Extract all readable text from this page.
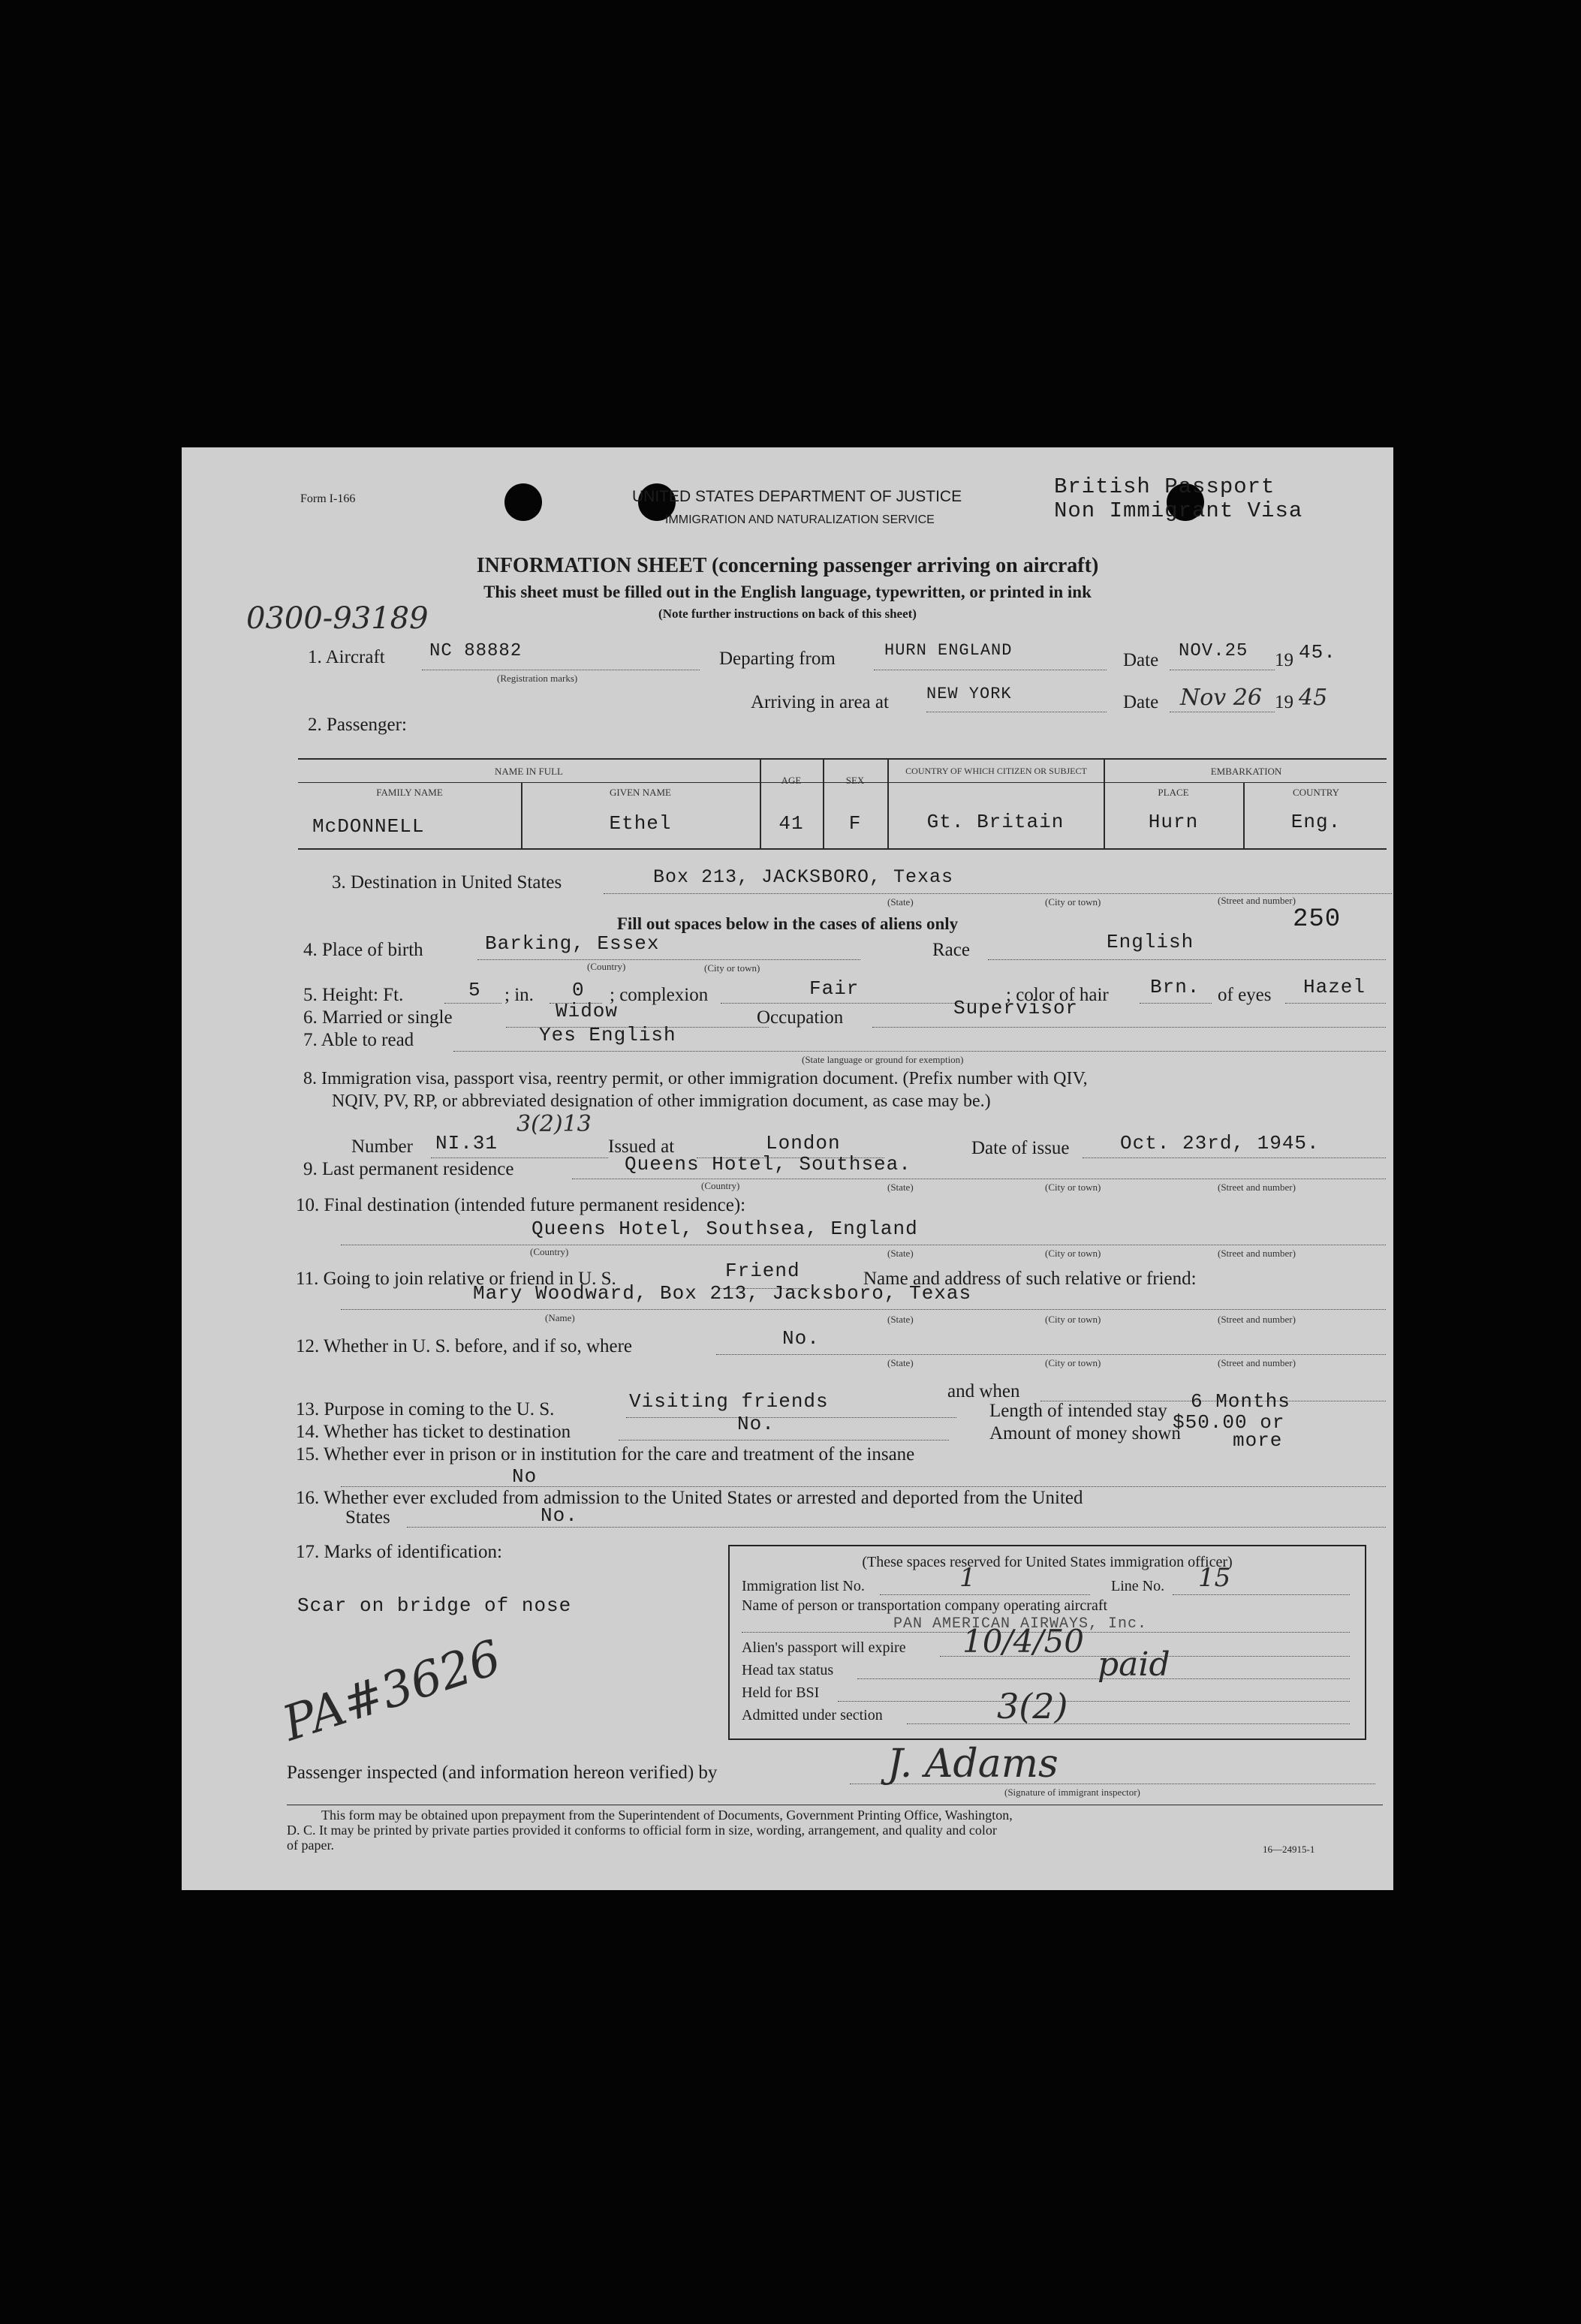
Form I-166	UNITED STATES DEPARTMENT OF JUSTICE
IMMIGRATION AND NATURALIZATION SERVICE
British Passport
Non Immigrant Visa
INFORMATION SHEET (concerning passenger arriving on aircraft)
This sheet must be filled out in the English language, typewritten, or printed in ink
(Note further instructions on back of this sheet)
0300-93189
1. Aircraft NC 88882
(Registration marks)
Departing from	HURN ENGLAND	Date NOV.25 19 45.
Arriving in area at NEW YORK	Date Nov 26 19 45
2. Passenger:
NAME IN FULL
FAMILY NAME	GIVEN NAME
AGE	SEX
COUNTRY OF WHICH CITIZEN OR SUBJECT	EMBARKATION
PLACE	COUNTRY
McDONNELL	Ethel	41	F	Gt. Britain	Hurn	Eng.
3. Destination in United States	Box 213, JACKSBORO, Texas
(State)	(City or town)	(Street and number)
250
Fill out spaces below in the cases of aliens only
4. Place of birth	Barking, Essex
(Country)	(City or town)
Race	English
5. Height: Ft.	5 ; in. 0 ; complexion	Fair	; color of hair Brn. of eyes Hazel
6. Married or single	Widow	Occupation	Supervisor
7. Able to read	Yes English
(State language or ground for exemption)
8. Immigration visa, passport visa, reentry permit, or other immigration document. (Prefix number with QIV,
NQIV, PV, RP, or abbreviated designation of other immigration document, as case may be.)
Number NI.31
3(2)13
Issued at	London	Date of issue	Oct. 23rd, 1945.
9. Last permanent residence	Queens Hotel, Southsea.
(Country)	(State)	(City or town)	(Street and number)
10. Final destination (intended future permanent residence):
Queens Hotel, Southsea, England
(Country)	(State)	(City or town)	(Street and number)
11. Going to join relative or friend in U. S.	Friend	Name and address of such relative or friend:
Mary Woodward, Box 213, Jacksboro, Texas
(Name)	(State)	(City or town)	(Street and number)
12. Whether in U. S. before, and if so, where	No.
(State)	(City or town)	(Street and number)
and when
13. Purpose in coming to the U. S.	Visiting friends	Length of intended stay 6 Months
14. Whether has ticket to destination	No.	Amount of money shown
$50.00 or
more
15. Whether ever in prison or in institution for the care and treatment of the insane
No
16. Whether ever excluded from admission to the United States or arrested and deported from the United
States	No.
17. Marks of identification:
Scar on bridge of nose
PA#3626
(These spaces reserved for United States immigration officer)
Immigration list No.	1	Line No. 15
Name of person or transportation company operating aircraft
PAN AMERICAN AIRWAYS, Inc.
Alien's passport will expire 10/4/50
Head tax status	paid
Held for BSI
Admitted under section	3(2)
Passenger inspected (and information hereon verified) by	J. Adams
(Signature of immigrant inspector)
This form may be obtained upon prepayment from the Superintendent of Documents, Government Printing Office, Washington,
D. C. It may be printed by private parties provided it conforms to official form in size, wording, arrangement, and quality and color
of paper.	16—24915-1
